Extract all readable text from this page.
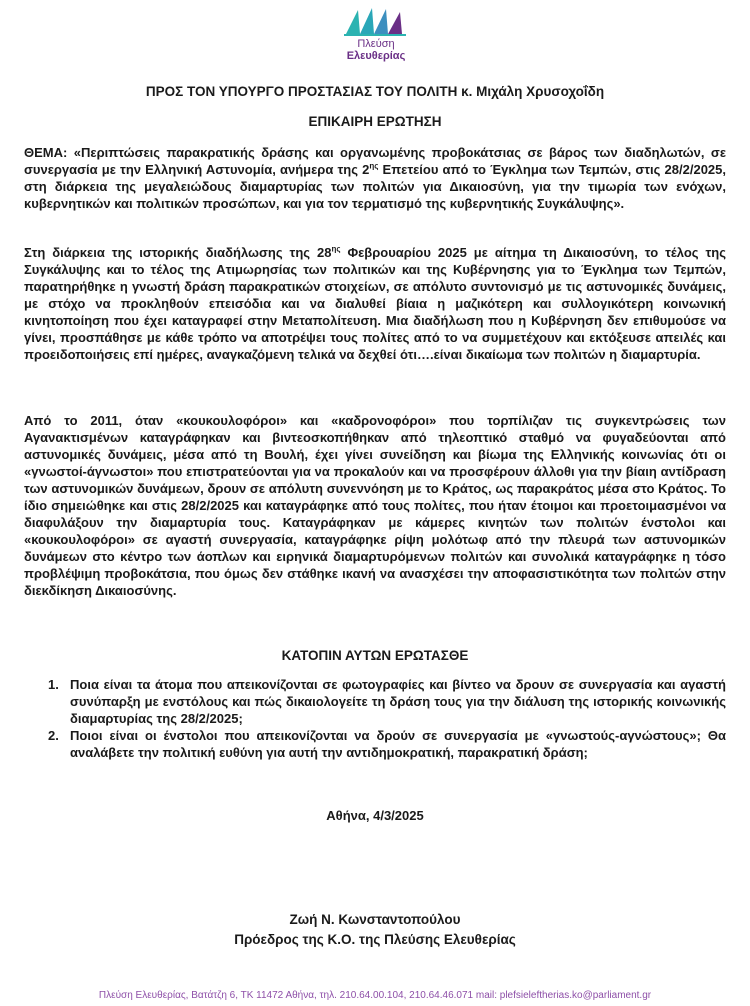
Πλεύση
Ελευθερίας
ΠΡΟΣ ΤΟΝ ΥΠΟΥΡΓΟ ΠΡΟΣΤΑΣΙΑΣ ΤΟΥ ΠΟΛΙΤΗ κ. Μιχάλη Χρυσοχοΐδη
ΕΠΙΚΑΙΡΗ ΕΡΩΤΗΣΗ

ΘΕΜΑ: «Περιπτώσεις παρακρατικής δράσης και οργανωμένης προβοκάτσιας σε βάρος των διαδηλωτών, σε συνεργασία με την Ελληνική Αστυνομία, ανήμερα της $2^{\eta\varsigma}$ Επετείου από το Έγκλημα των Τεμπών, στις 28/2/2025, στη διάρκεια της μεγαλειώδους διαμαρτυρίας των πολιτών για Δικαιοσύνη, για την τιμωρία των ενόχων, κυβερνητικών και πολιτικών προσώπων, και για τον τερματισμό της κυβερνητικής Συγκάλυψης».

Στη διάρκεια της ιστορικής διαδήλωσης της $28^{\eta\varsigma}$ Φεβρουαρίου 2025 με αίτημα τη Δικαιοσύνη, το τέλος της Συγκάλυψης και το τέλος της Ατιμωρησίας των πολιτικών και της Κυβέρνησης για το Έγκλημα των Τεμπών, παρατηρήθηκε η γνωστή δράση παρακρατικών στοιχείων, σε απόλυτο συντονισμό με τις αστυνομικές δυνάμεις, με στόχο να προκληθούν επεισόδια και να διαλυθεί βίαια η μαζικότερη και συλλογικότερη κοινωνική κινητοποίηση που έχει καταγραφεί στην Μεταπολίτευση. Μια διαδήλωση που η Κυβέρνηση δεν επιθυμούσε να γίνει, προσπάθησε με κάθε τρόπο να αποτρέψει τους πολίτες από το να συμμετέχουν και εκτόξευσε απειλές και προειδοποιήσεις επί ημέρες, αναγκαζόμενη τελικά να δεχθεί ότι….είναι δικαίωμα των πολιτών η διαμαρτυρία.

Από το 2011, όταν «κουκουλοφόροι» και «καδρονοφόροι» που τορπίλιζαν τις συγκεντρώσεις των Αγανακτισμένων καταγράφηκαν και βιντεοσκοπήθηκαν από τηλεοπτικό σταθμό να φυγαδεύονται από αστυνομικές δυνάμεις, μέσα από τη Βουλή, έχει γίνει συνείδηση και βίωμα της Ελληνικής κοινωνίας ότι οι «γνωστοί-άγνωστοι» που επιστρατεύονται για να προκαλούν και να προσφέρουν άλλοθι για την βίαιη αντίδραση των αστυνομικών δυνάμεων, δρουν σε απόλυτη συνεννόηση με το Κράτος, ως παρακράτος μέσα στο Κράτος. Το ίδιο σημειώθηκε και στις 28/2/2025 και καταγράφηκε από τους πολίτες, που ήταν έτοιμοι και προετοιμασμένοι να διαφυλάξουν την διαμαρτυρία τους. Καταγράφηκαν με κάμερες κινητών των πολιτών ένστολοι και «κουκουλοφόροι» σε αγαστή συνεργασία, καταγράφηκε ρίψη μολότωφ από την πλευρά των αστυνομικών δυνάμεων στο κέντρο των άοπλων και ειρηνικά διαμαρτυρόμενων πολιτών και συνολικά καταγράφηκε η τόσο προβλέψιμη προβοκάτσια, που όμως δεν στάθηκε ικανή να ανασχέσει την αποφασιστικότητα των πολιτών στην διεκδίκηση Δικαιοσύνης.

ΚΑΤΟΠΙΝ ΑΥΤΩΝ ΕΡΩΤΑΣΘΕ
1. Ποια είναι τα άτομα που απεικονίζονται σε φωτογραφίες και βίντεο να δρουν σε συνεργασία και αγαστή συνύπαρξη με ενστόλους και πώς δικαιολογείτε τη δράση τους για την διάλυση της ιστορικής κοινωνικής διαμαρτυρίας της 28/2/2025;
2. Ποιοι είναι οι ένστολοι που απεικονίζονται να δρούν σε συνεργασία με «γνωστούς-αγνώστους»; Θα αναλάβετε την πολιτική ευθύνη για αυτή την αντιδημοκρατική, παρακρατική δράση;
Αθήνα, 4/3/2025
Ζωή Ν. Κωνσταντοπούλου
Πρόεδρος της Κ.Ο. της Πλεύσης Ελευθερίας
Πλεύση Ελευθερίας, Βατάτζη 6, ΤΚ 11472 Αθήνα, τηλ. 210.64.00.104, 210.64.46.071 mail: plefsieleftherias.ko@parliament.gr
